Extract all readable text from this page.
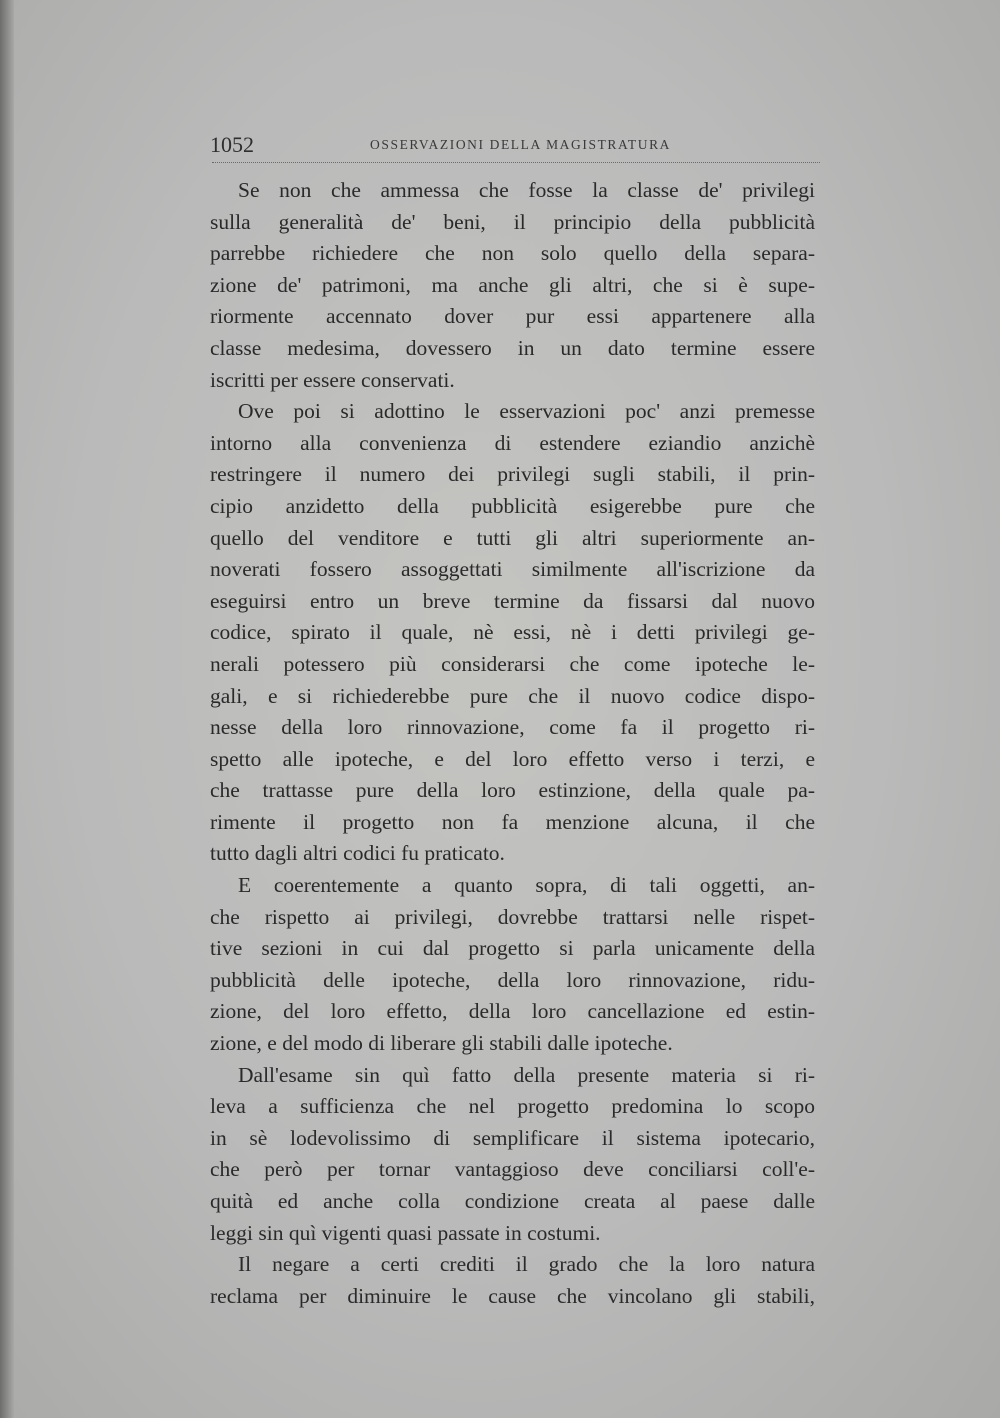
1052	OSSERVAZIONI DELLA MAGISTRATURA
Se non che ammessa che fosse la classe de' privilegi
sulla generalità de' beni, il principio della pubblicità
parrebbe richiedere che non solo quello della separa-
zione de' patrimoni, ma anche gli altri, che si è supe-
riormente accennato dover pur essi appartenere alla
classe medesima, dovessero in un dato termine essere
iscritti per essere conservati.
Ove poi si adottino le esservazioni poc' anzi premesse
intorno alla convenienza di estendere eziandio anzichè
restringere il numero dei privilegi sugli stabili, il prin-
cipio anzidetto della pubblicità esigerebbe pure che
quello del venditore e tutti gli altri superiormente an-
noverati fossero assoggettati similmente all'iscrizione da
eseguirsi entro un breve termine da fissarsi dal nuovo
codice, spirato il quale, nè essi, nè i detti privilegi ge-
nerali potessero più considerarsi che come ipoteche le-
gali, e si richiederebbe pure che il nuovo codice dispo-
nesse della loro rinnovazione, come fa il progetto ri-
spetto alle ipoteche, e del loro effetto verso i terzi, e
che trattasse pure della loro estinzione, della quale pa-
rimente il progetto non fa menzione alcuna, il che
tutto dagli altri codici fu praticato.
E coerentemente a quanto sopra, di tali oggetti, an-
che rispetto ai privilegi, dovrebbe trattarsi nelle rispet-
tive sezioni in cui dal progetto si parla unicamente della
pubblicità delle ipoteche, della loro rinnovazione, ridu-
zione, del loro effetto, della loro cancellazione ed estin-
zione, e del modo di liberare gli stabili dalle ipoteche.
Dall'esame sin quì fatto della presente materia si ri-
leva a sufficienza che nel progetto predomina lo scopo
in sè lodevolissimo di semplificare il sistema ipotecario,
che però per tornar vantaggioso deve conciliarsi coll'e-
quità ed anche colla condizione creata al paese dalle
leggi sin quì vigenti quasi passate in costumi.
Il negare a certi crediti il grado che la loro natura
reclama per diminuire le cause che vincolano gli stabili,
